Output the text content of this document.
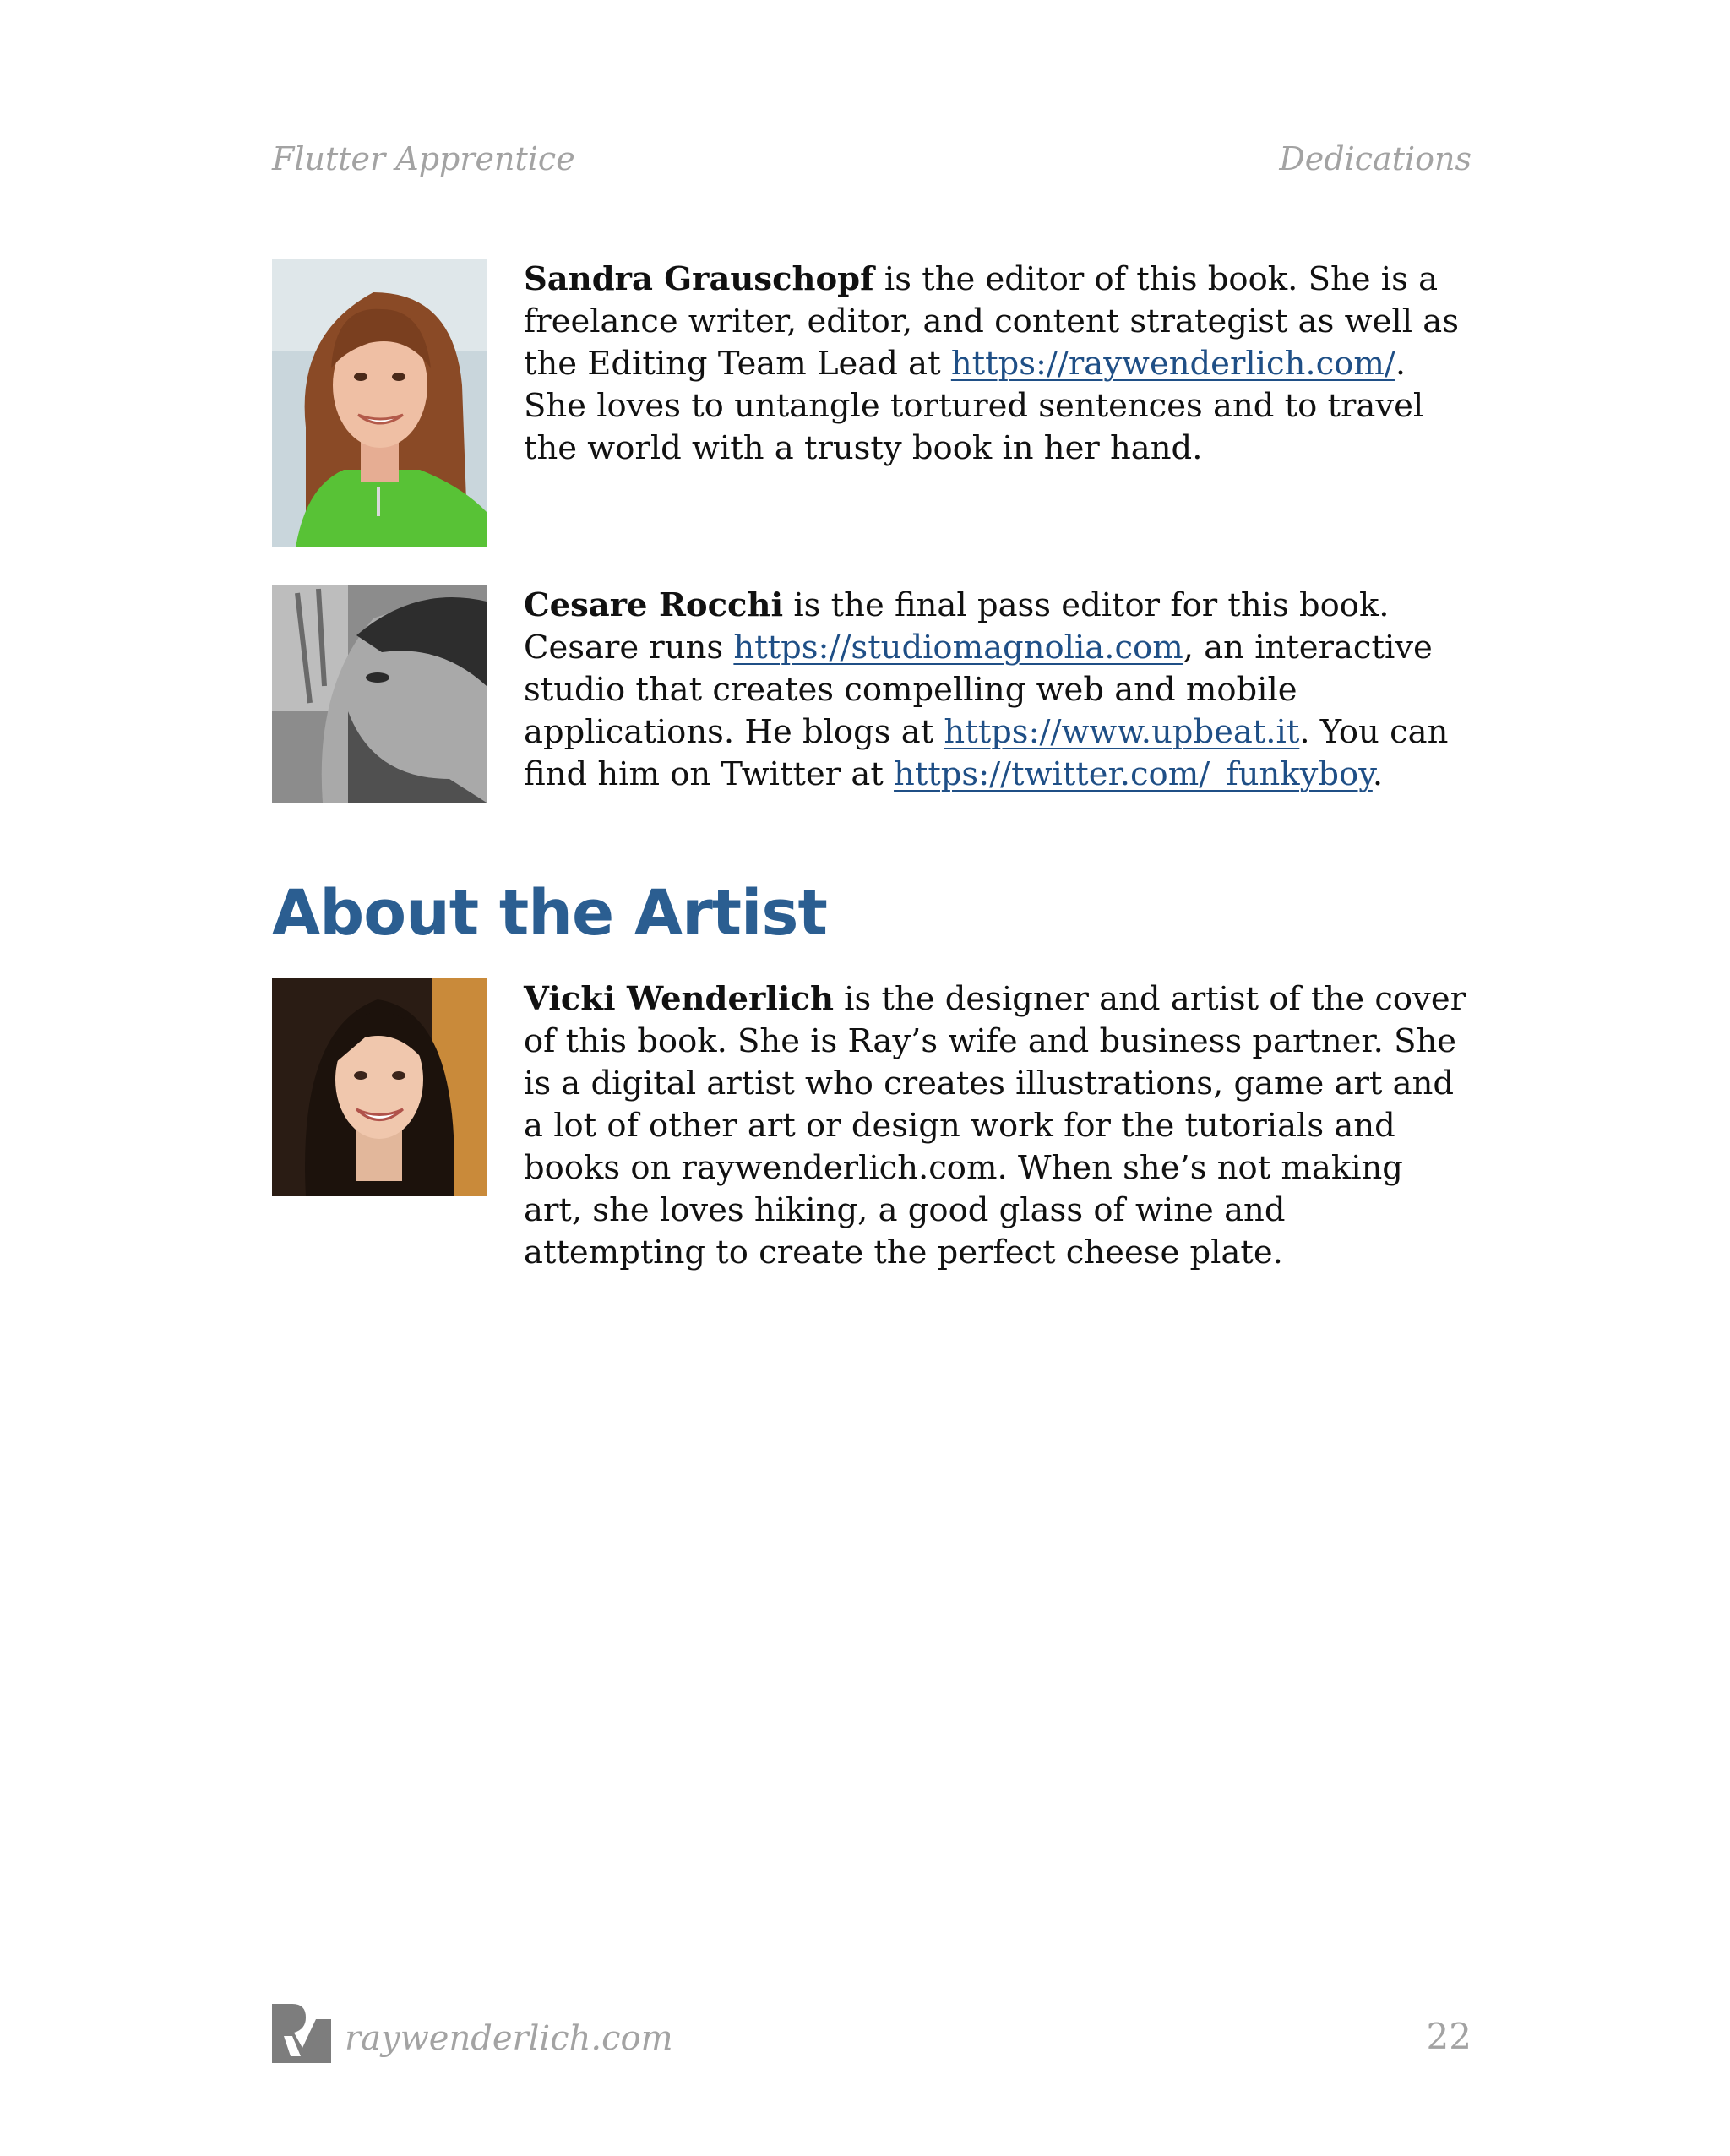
Flutter Apprentice	Dedications
Sandra Grauschopf is the editor of this book. She is a freelance writer, editor, and content strategist as well as the Editing Team Lead at https://raywenderlich.com/. She loves to untangle tortured sentences and to travel the world with a trusty book in her hand.
Cesare Rocchi is the final pass editor for this book. Cesare runs https://studiomagnolia.com, an interactive studio that creates compelling web and mobile applications. He blogs at https://www.upbeat.it. You can find him on Twitter at https://twitter.com/_funkyboy.
About the Artist
Vicki Wenderlich is the designer and artist of the cover of this book. She is Ray’s wife and business partner. She is a digital artist who creates illustrations, game art and a lot of other art or design work for the tutorials and books on raywenderlich.com. When she’s not making art, she loves hiking, a good glass of wine and attempting to create the perfect cheese plate.
raywenderlich.com	22
